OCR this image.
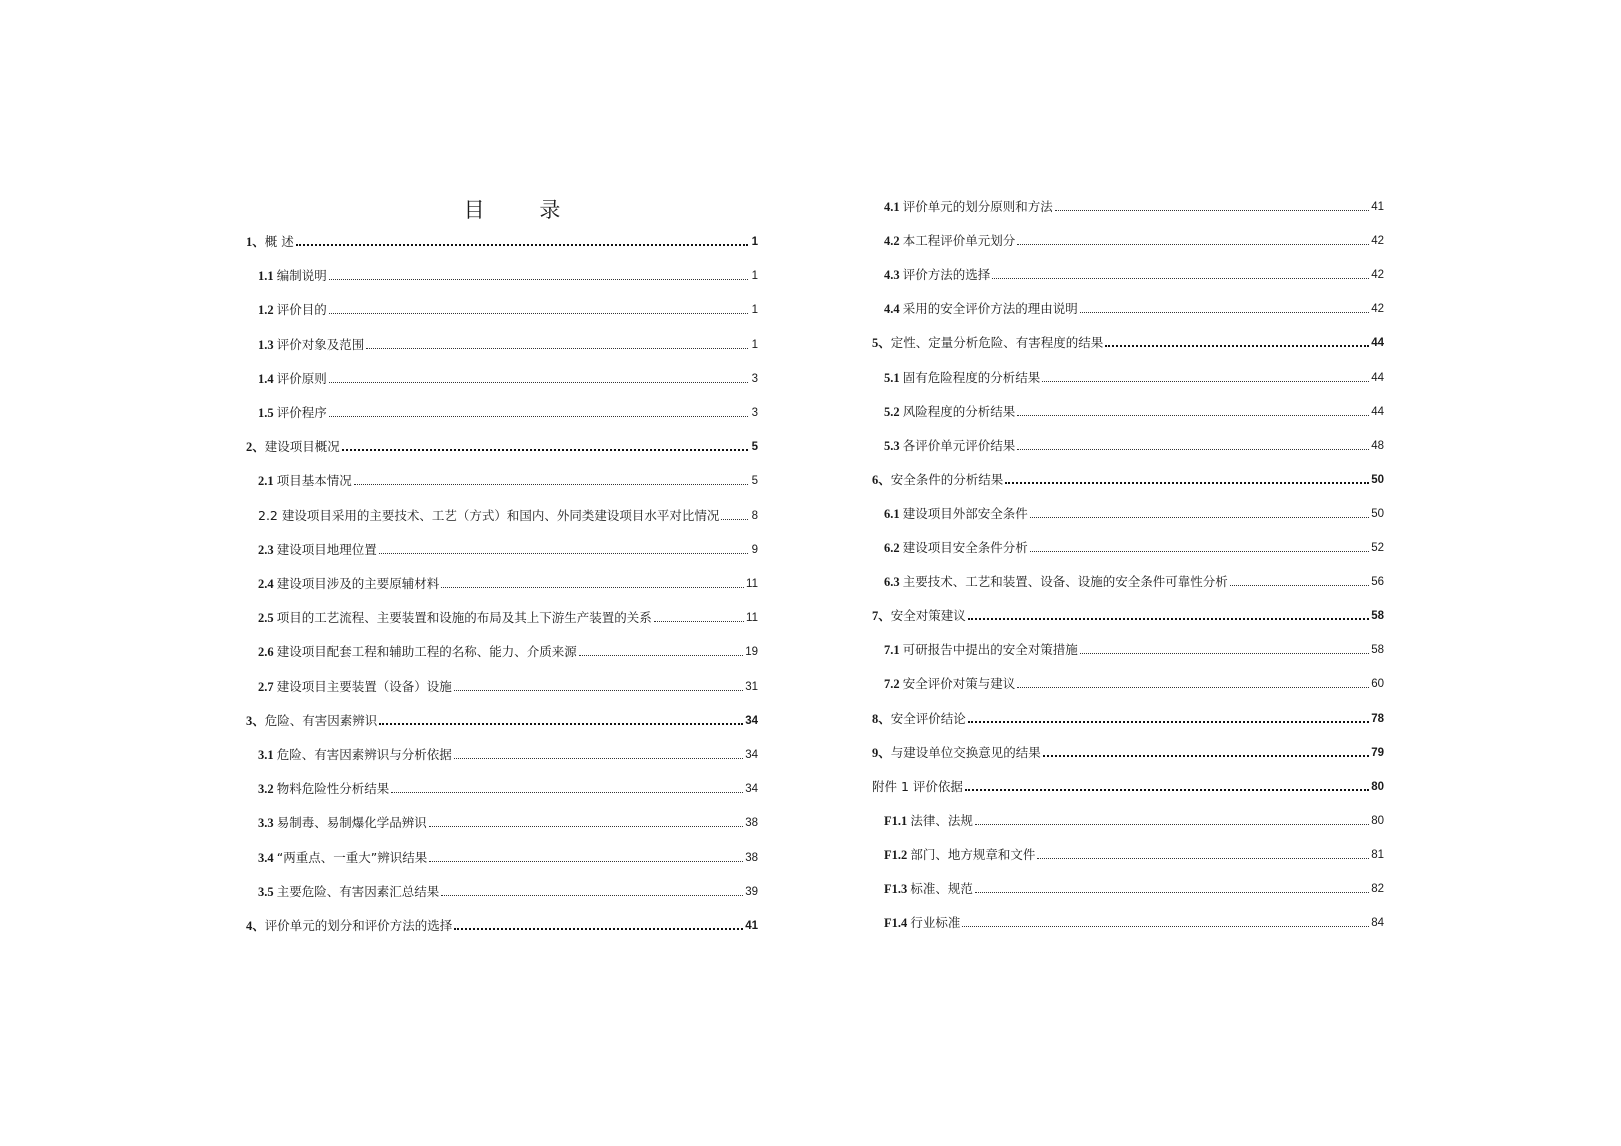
目 录
1、 概 述	1
1.1 编制说明	1
1.2 评价目的	1
1.3 评价对象及范围	1
1.4 评价原则	3
1.5 评价程序	3
2、 建设项目概况	5
2.1 项目基本情况	5
2.2 建设项目采用的主要技术、工艺（方式）和国内、外同类建设项目水平对比情况	8
2.3 建设项目地理位置	9
2.4 建设项目涉及的主要原辅材料	11
2.5 项目的工艺流程、主要装置和设施的布局及其上下游生产装置的关系	11
2.6 建设项目配套工程和辅助工程的名称、能力、介质来源	19
2.7 建设项目主要装置（设备）设施	31
3、 危险、有害因素辨识	34
3.1 危险、有害因素辨识与分析依据	34
3.2 物料危险性分析结果	34
3.3 易制毒、易制爆化学品辨识	38
3.4 “两重点、一重大”辨识结果	38
3.5 主要危险、有害因素汇总结果	39
4、 评价单元的划分和评价方法的选择	41
4.1 评价单元的划分原则和方法	41
4.2 本工程评价单元划分	42
4.3 评价方法的选择	42
4.4 采用的安全评价方法的理由说明	42
5、 定性、定量分析危险、有害程度的结果	44
5.1 固有危险程度的分析结果	44
5.2 风险程度的分析结果	44
5.3 各评价单元评价结果	48
6、 安全条件的分析结果	50
6.1 建设项目外部安全条件	50
6.2 建设项目安全条件分析	52
6.3 主要技术、工艺和装置、设备、设施的安全条件可靠性分析	56
7、 安全对策建议	58
7.1 可研报告中提出的安全对策措施	58
7.2 安全评价对策与建议	60
8、 安全评价结论	78
9、 与建设单位交换意见的结果	79
附件 1 评价依据	80
F1.1 法律、法规	80
F1.2 部门、地方规章和文件	81
F1.3 标准、规范	82
F1.4 行业标准	84
